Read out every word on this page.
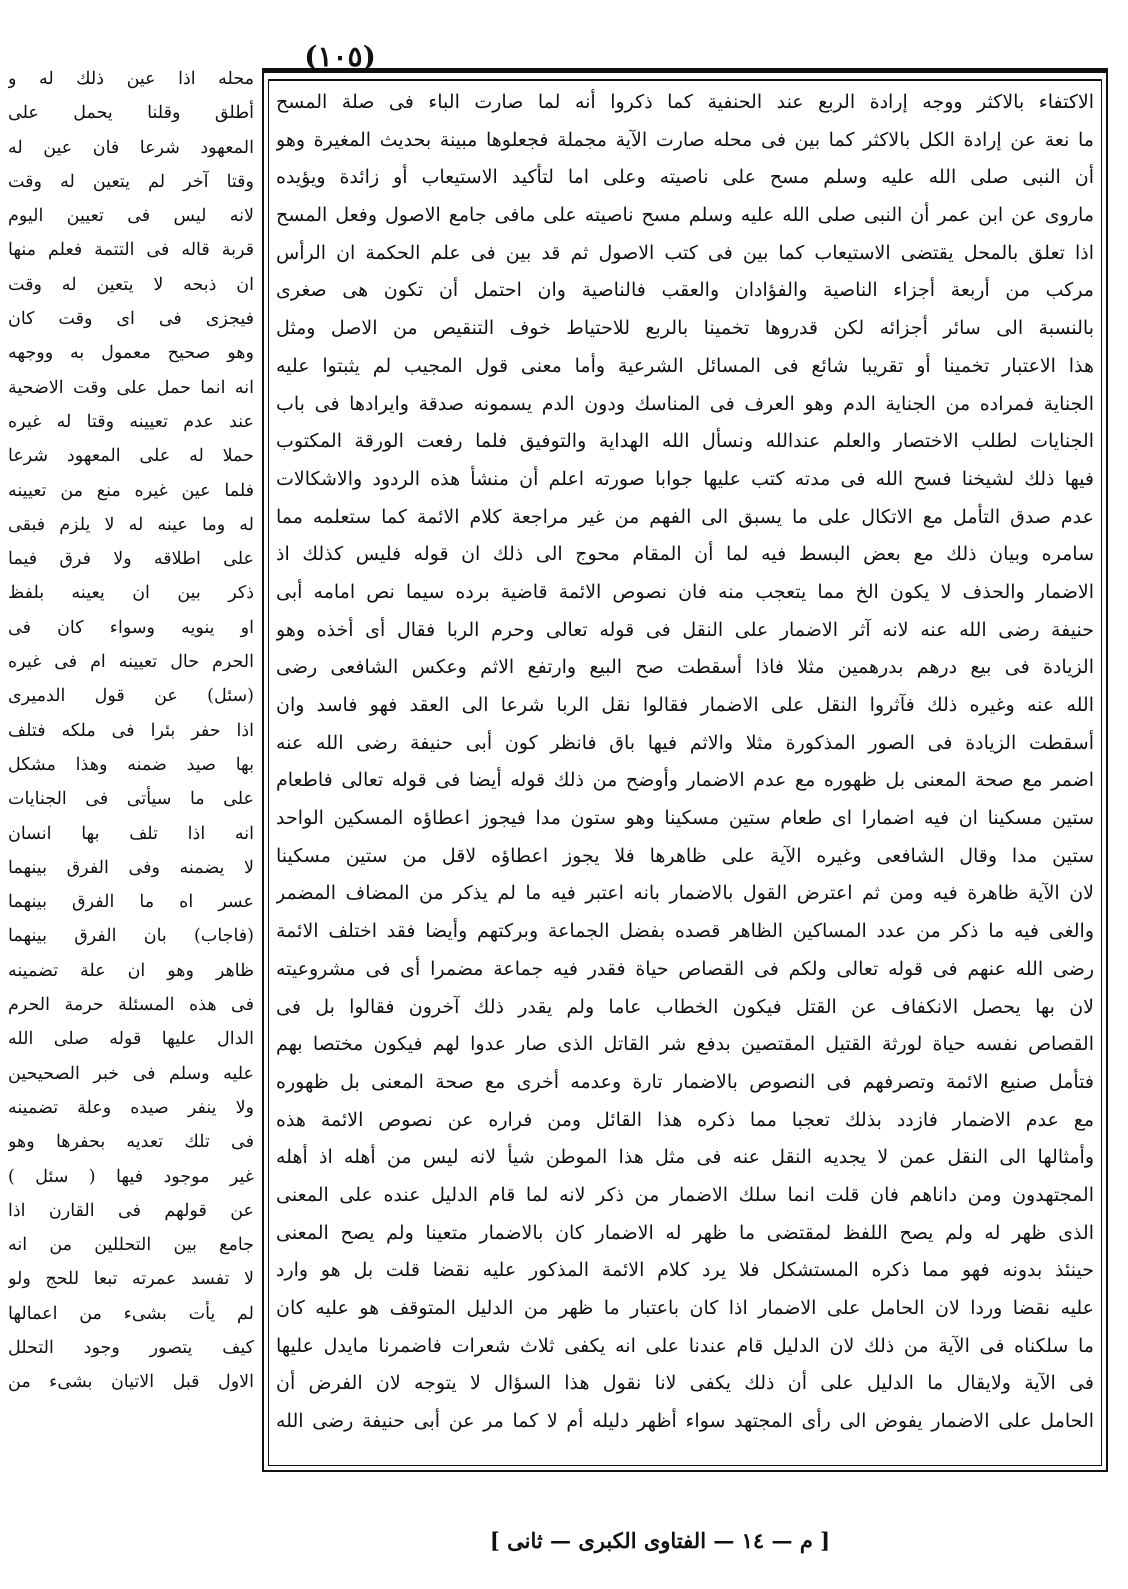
(١٠٥)
الاكتفاء بالاكثر ووجه إرادة الربع عند الحنفية كما ذكروا أنه لما صارت الباء فى صلة المسح
ما نعة عن إرادة الكل بالاكثر كما بين فى محله صارت الآية مجملة فجعلوها مبينة بحديث المغيرة وهو
أن النبى صلى الله عليه وسلم مسح على ناصيته وعلى اما لتأكيد الاستيعاب أو زائدة ويؤيده
ماروى عن ابن عمر أن النبى صلى الله عليه وسلم مسح ناصيته على مافى جامع الاصول وفعل المسح
اذا تعلق بالمحل يقتضى الاستيعاب كما بين فى كتب الاصول ثم قد بين فى علم الحكمة ان الرأس
مركب من أربعة أجزاء الناصية والفؤادان والعقب فالناصية وان احتمل أن تكون هى صغرى
بالنسبة الى سائر أجزائه لكن قدروها تخمينا بالربع للاحتياط خوف التنقيص من الاصل ومثل
هذا الاعتبار تخمينا أو تقريبا شائع فى المسائل الشرعية وأما معنى قول المجيب لم يثبتوا عليه
الجناية فمراده من الجناية الدم وهو العرف فى المناسك ودون الدم يسمونه صدقة وايرادها فى باب
الجنايات لطلب الاختصار والعلم عندالله ونسأل الله الهداية والتوفيق فلما رفعت الورقة المكتوب
فيها ذلك لشيخنا فسح الله فى مدته كتب عليها جوابا صورته اعلم أن منشأ هذه الردود والاشكالات
عدم صدق التأمل مع الاتكال على ما يسبق الى الفهم من غير مراجعة كلام الائمة كما ستعلمه مما
سامره وبيان ذلك مع بعض البسط فيه لما أن المقام محوج الى ذلك ان قوله فليس كذلك اذ
الاضمار والحذف لا يكون الخ مما يتعجب منه فان نصوص الائمة قاضية برده سيما نص امامه أبى
حنيفة رضى الله عنه لانه آثر الاضمار على النقل فى قوله تعالى وحرم الربا فقال أى أخذه وهو
الزيادة فى بيع درهم بدرهمين مثلا فاذا أسقطت صح البيع وارتفع الاثم وعكس الشافعى رضى
الله عنه وغيره ذلك فآثروا النقل على الاضمار فقالوا نقل الربا شرعا الى العقد فهو فاسد وان
أسقطت الزيادة فى الصور المذكورة مثلا والاثم فيها باق فانظر كون أبى حنيفة رضى الله عنه
اضمر مع صحة المعنى بل ظهوره مع عدم الاضمار وأوضح من ذلك قوله أيضا فى قوله تعالى فاطعام
ستين مسكينا ان فيه اضمارا اى طعام ستين مسكينا وهو ستون مدا فيجوز اعطاؤه المسكين الواحد
ستين مدا وقال الشافعى وغيره الآية على ظاهرها فلا يجوز اعطاؤه لاقل من ستين مسكينا
لان الآية ظاهرة فيه ومن ثم اعترض القول بالاضمار بانه اعتبر فيه ما لم يذكر من المضاف المضمر
والغى فيه ما ذكر من عدد المساكين الظاهر قصده بفضل الجماعة وبركتهم وأيضا فقد اختلف الائمة
رضى الله عنهم فى قوله تعالى ولكم فى القصاص حياة فقدر فيه جماعة مضمرا أى فى مشروعيته
لان بها يحصل الانكفاف عن القتل فيكون الخطاب عاما ولم يقدر ذلك آخرون فقالوا بل فى
القصاص نفسه حياة لورثة القتيل المقتصين بدفع شر القاتل الذى صار عدوا لهم فيكون مختصا بهم
فتأمل صنيع الائمة وتصرفهم فى النصوص بالاضمار تارة وعدمه أخرى مع صحة المعنى بل ظهوره
مع عدم الاضمار فازدد بذلك تعجبا مما ذكره هذا القائل ومن فراره عن نصوص الائمة هذه
وأمثالها الى النقل عمن لا يجديه النقل عنه فى مثل هذا الموطن شيأ لانه ليس من أهله اذ أهله
المجتهدون ومن داناهم فان قلت انما سلك الاضمار من ذكر لانه لما قام الدليل عنده على المعنى
الذى ظهر له ولم يصح اللفظ لمقتضى ما ظهر له الاضمار كان بالاضمار متعينا ولم يصح المعنى
حينئذ بدونه فهو مما ذكره المستشكل فلا يرد كلام الائمة المذكور عليه نقضا قلت بل هو وارد
عليه نقضا وردا لان الحامل على الاضمار اذا كان باعتبار ما ظهر من الدليل المتوقف هو عليه كان
ما سلكناه فى الآية من ذلك لان الدليل قام عندنا على انه يكفى ثلاث شعرات فاضمرنا مايدل عليها
فى الآية ولايقال ما الدليل على أن ذلك يكفى لانا نقول هذا السؤال لا يتوجه لان الفرض أن
الحامل على الاضمار يفوض الى رأى المجتهد سواء أظهر دليله أم لا كما مر عن أبى حنيفة رضى الله
محله اذا عين ذلك له و
أطلق وقلنا يحمل على
المعهود شرعا فان عين له
وقتا آخر لم يتعين له وقت
لانه ليس فى تعيين اليوم
قربة قاله فى التتمة فعلم منها
ان ذبحه لا يتعين له وقت
فيجزى فى اى وقت كان
وهو صحيح معمول به ووجهه
انه انما حمل على وقت الاضحية
عند عدم تعيينه وقتا له غيره
حملا له على المعهود شرعا
فلما عين غيره منع من تعيينه
له وما عينه له لا يلزم فبقى
على اطلاقه ولا فرق فيما
ذكر بين ان يعينه بلفظ
او ينويه وسواء كان فى
الحرم حال تعيينه ام فى غيره
(سئل) عن قول الدميرى
اذا حفر بئرا فى ملكه فتلف
بها صيد ضمنه وهذا مشكل
على ما سيأتى فى الجنايات
انه اذا تلف بها انسان
لا يضمنه وفى الفرق بينهما
عسر اه ما الفرق بينهما
(فاجاب) بان الفرق بينهما
ظاهر وهو ان علة تضمينه
فى هذه المسئلة حرمة الحرم
الدال عليها قوله صلى الله
عليه وسلم فى خبر الصحيحين
ولا ينفر صيده وعلة تضمينه
فى تلك تعديه بحفرها وهو
غير موجود فيها ( سئل )
عن قولهم فى القارن اذا
جامع بين التحللين من انه
لا تفسد عمرته تبعا للحج ولو
لم يأت بشىء من اعمالها
كيف يتصور وجود التحلل
الاول قبل الاتيان بشىء من
[ م — ١٤ — الفتاوى الكبرى — ثانى ]
